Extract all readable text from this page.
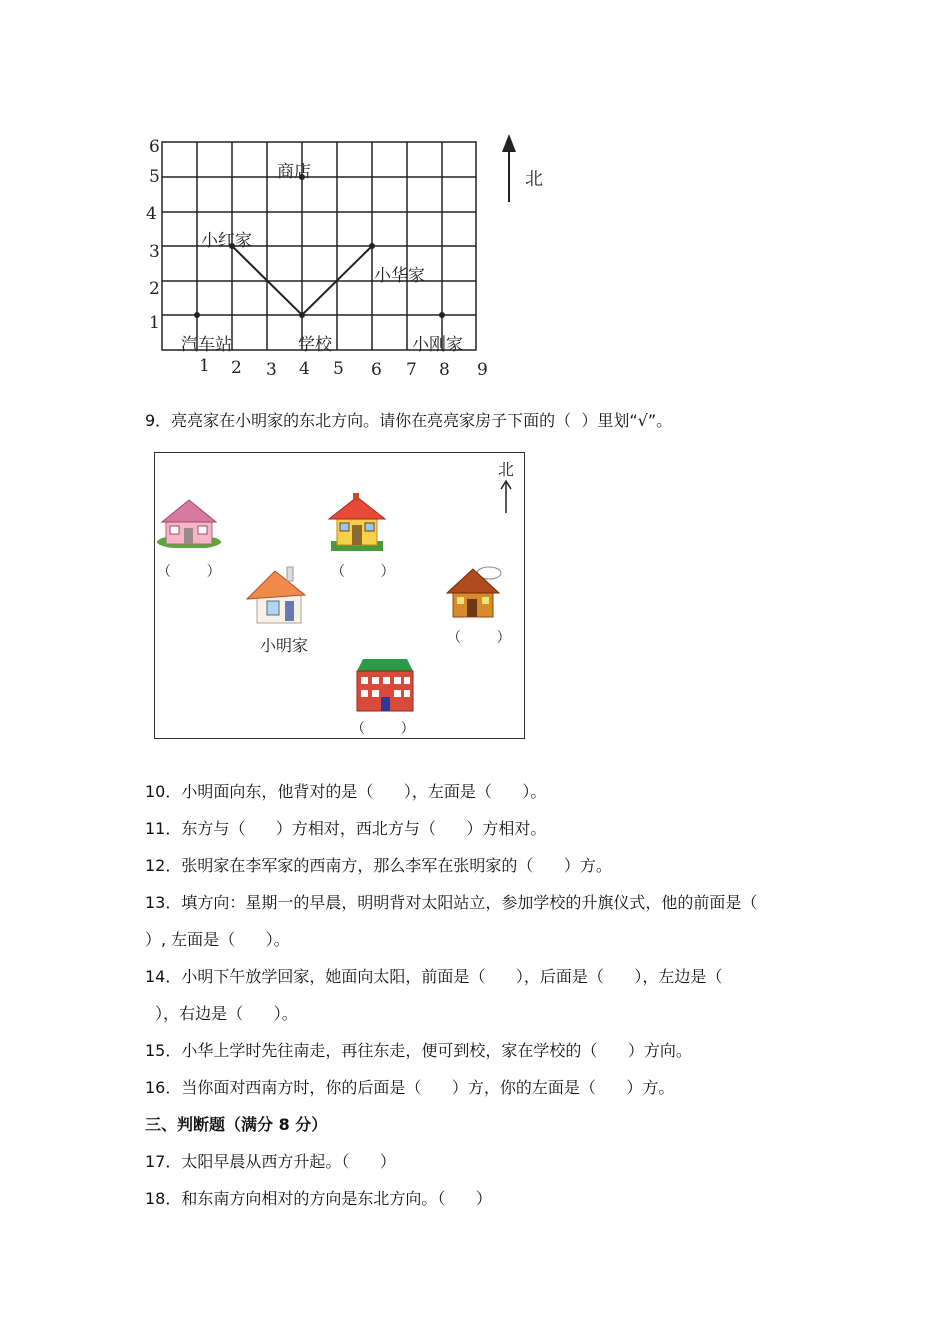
6
5
4
3
2
1
1 2 3 4 5 6 7 8 9
商店
小红家
小华家
汽车站	学校	小刚家
北
9．亮亮家在小明家的东北方向。请你在亮亮家房子下面的（  ）里划“√”。
北
（        ）	（        ）
小明家	（        ）
（        ）
10．小明面向东，他背对的是（      ），左面是（      ）。
11．东方与（      ）方相对，西北方与（      ）方相对。
12．张明家在李军家的西南方，那么李军在张明家的（      ）方。
13．填方向：星期一的早晨，明明背对太阳站立，参加学校的升旗仪式，他的前面是（
）, 左面是（      ）。
14．小明下午放学回家，她面向太阳，前面是（      ），后面是（      ），左边是（
），右边是（      ）。
15．小华上学时先往南走，再往东走，便可到校，家在学校的（      ）方向。
16．当你面对西南方时，你的后面是（      ）方，你的左面是（      ）方。
三、判断题（满分 8 分）
17．太阳早晨从西方升起。（      ）
18．和东南方向相对的方向是东北方向。（      ）
